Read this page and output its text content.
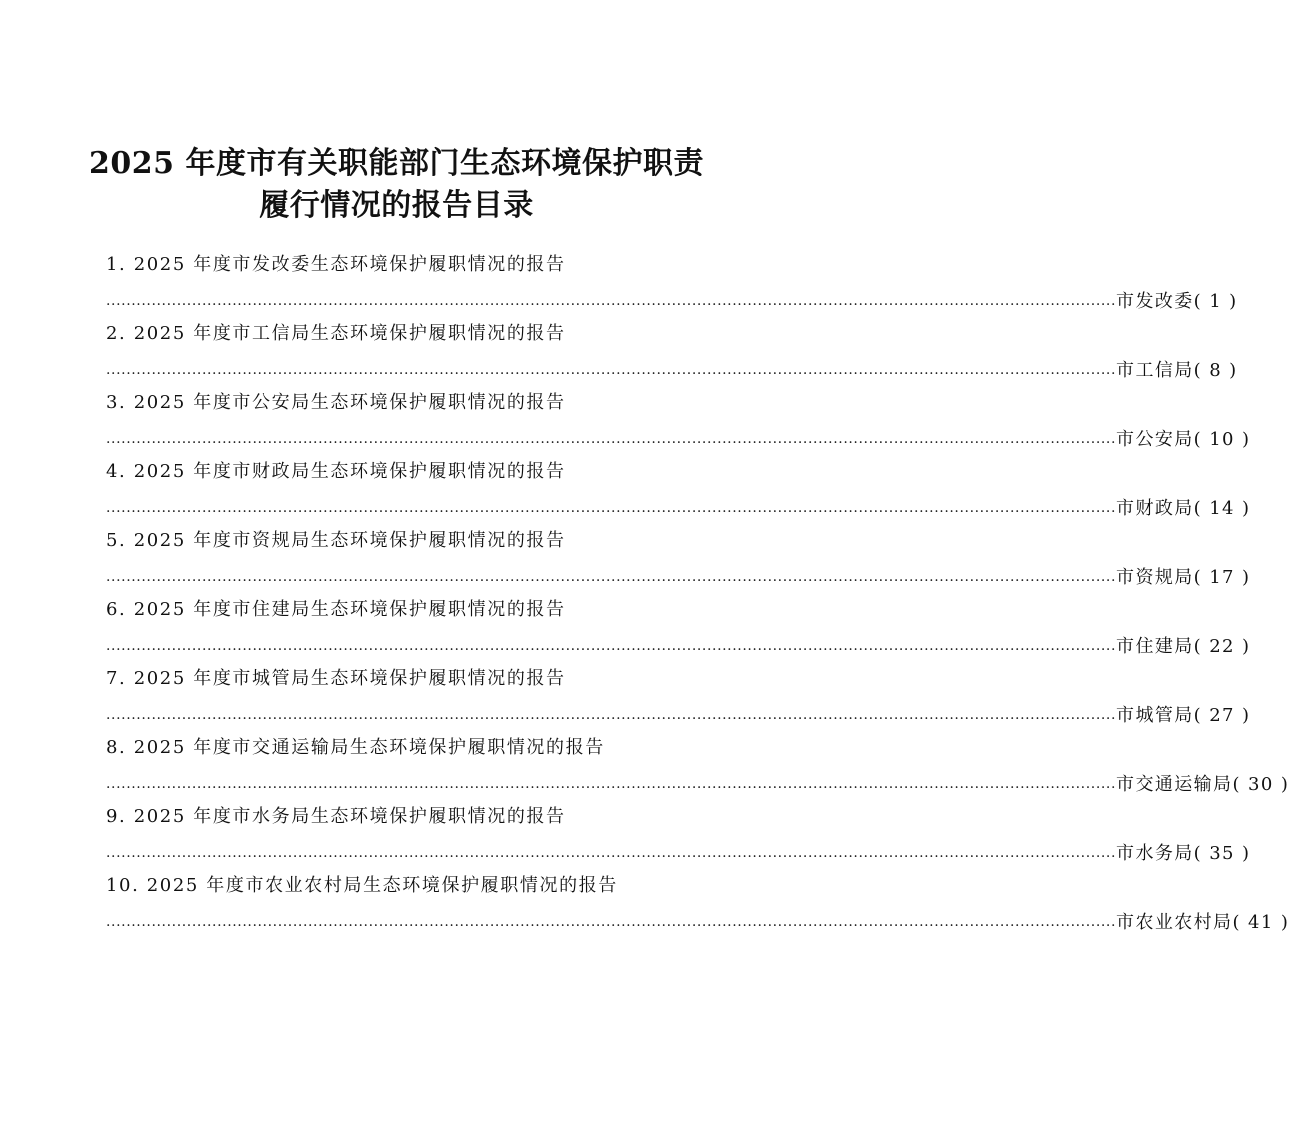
2025 年度市有关职能部门生态环境保护职责
履行情况的报告目录
1. 2025 年度市发改委生态环境保护履职情况的报告
........................................................................................................................................................................................................ 市发改委 ( 1 )
2. 2025 年度市工信局生态环境保护履职情况的报告
........................................................................................................................................................................................................ 市工信局 ( 8 )
3. 2025 年度市公安局生态环境保护履职情况的报告
........................................................................................................................................................................................................ 市公安局 ( 10 )
4. 2025 年度市财政局生态环境保护履职情况的报告
........................................................................................................................................................................................................ 市财政局 ( 14 )
5. 2025 年度市资规局生态环境保护履职情况的报告
........................................................................................................................................................................................................ 市资规局 ( 17 )
6. 2025 年度市住建局生态环境保护履职情况的报告
........................................................................................................................................................................................................ 市住建局 ( 22 )
7. 2025 年度市城管局生态环境保护履职情况的报告
........................................................................................................................................................................................................ 市城管局 ( 27 )
8. 2025 年度市交通运输局生态环境保护履职情况的报告
........................................................................................................................................................................................................ 市交通运输局 ( 30 )
9. 2025 年度市水务局生态环境保护履职情况的报告
........................................................................................................................................................................................................ 市水务局 ( 35 )
10. 2025 年度市农业农村局生态环境保护履职情况的报告
........................................................................................................................................................................................................ 市农业农村局 ( 41 )
